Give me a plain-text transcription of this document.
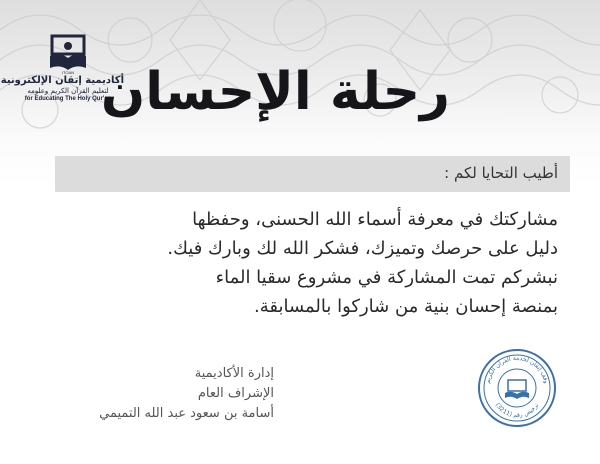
ITQAN
أكاديمية إتقان الإلكترونية
لتعليم القرآن الكريم وعلومه
for Educating The Holy Qur'an
رحلة الإحسان
أطيب التحايا لكم :
مشاركتك في معرفة أسماء الله الحسنى، وحفظها
دليل على حرصك وتميزك، فشكر الله لك وبارك فيك.
نبشركم تمت المشاركة في مشروع سقيا الماء
بمنصة إحسان بنية من شاركوا بالمسابقة.
إدارة الأكاديمية
الإشراف العام
أسامة بن سعود عبد الله التميمي
وقف إتقان لخدمة القرآن الكريم
ترخيص رقم (3211)
